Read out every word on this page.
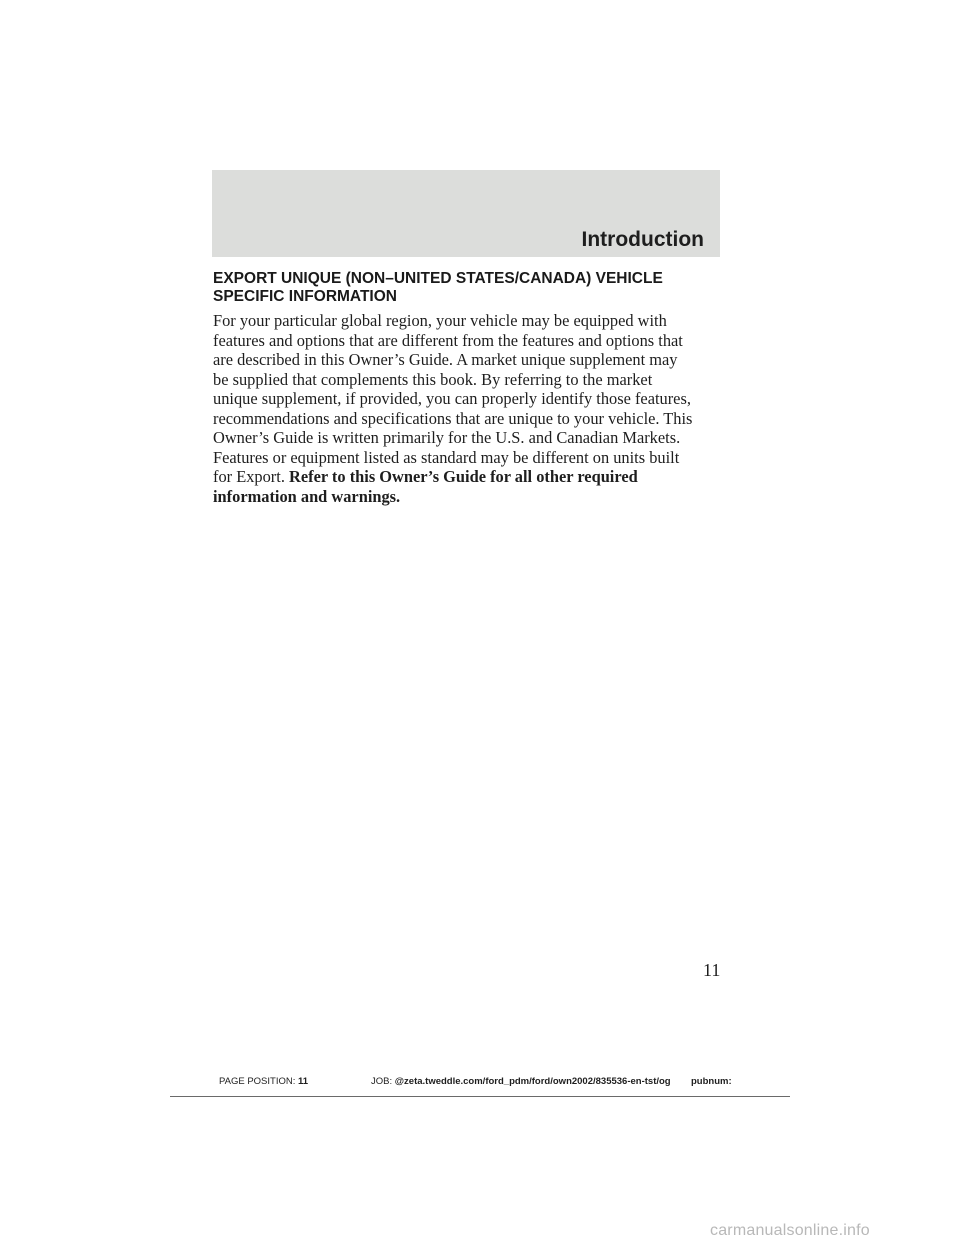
Introduction
EXPORT UNIQUE (NON–UNITED STATES/CANADA) VEHICLE
SPECIFIC INFORMATION
For your particular global region, your vehicle may be equipped with
features and options that are different from the features and options that
are described in this Owner’s Guide. A market unique supplement may
be supplied that complements this book. By referring to the market
unique supplement, if provided, you can properly identify those features,
recommendations and specifications that are unique to your vehicle. This
Owner’s Guide is written primarily for the U.S. and Canadian Markets.
Features or equipment listed as standard may be different on units built
for Export. Refer to this Owner’s Guide for all other required
information and warnings.
11
PAGE POSITION: 11	JOB: @zeta.tweddle.com/ford_pdm/ford/own2002/835536-en-tst/og pubnum:
carmanualsonline.info
